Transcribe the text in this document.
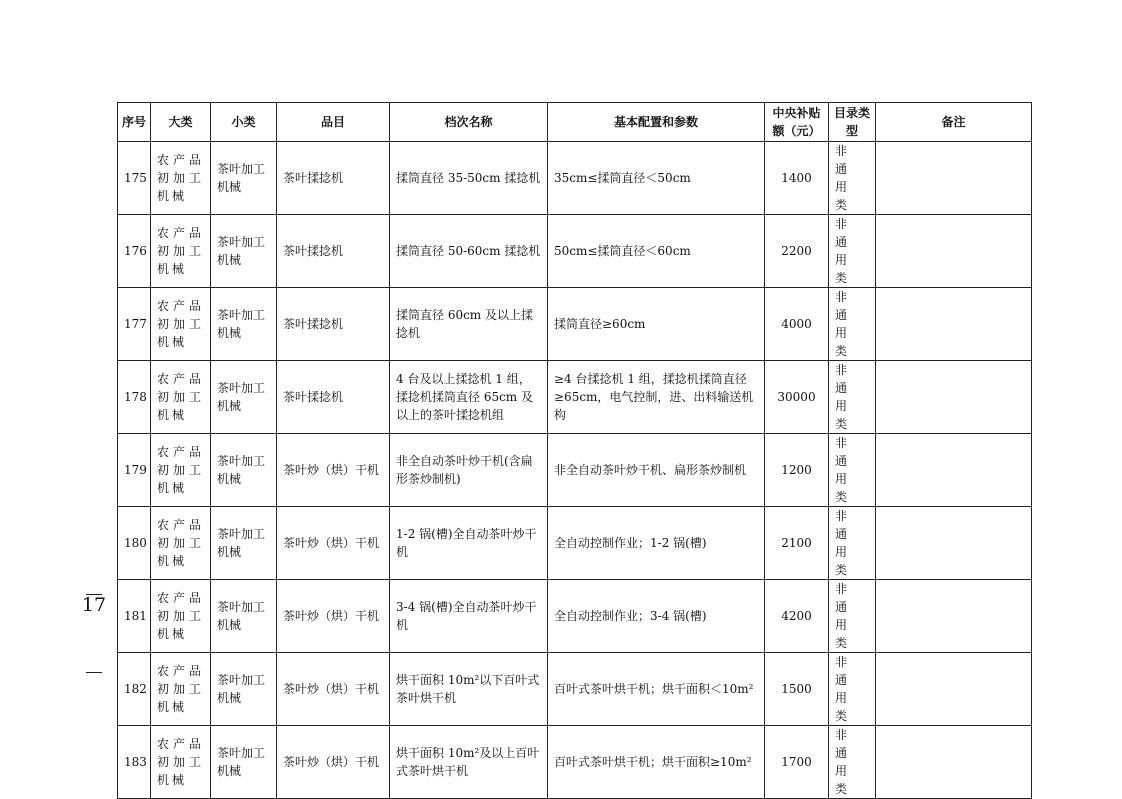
序号	大类	小类	品目	档次名称	基本配置和参数	中央补贴额（元）	目录类型	备注
175	农产品初加工机械	茶叶加工机械	茶叶揉捻机	揉筒直径 35-50cm 揉捻机	35cm≤揉筒直径＜50cm	1400	非通用类	
176	农产品初加工机械	茶叶加工机械	茶叶揉捻机	揉筒直径 50-60cm 揉捻机	50cm≤揉筒直径＜60cm	2200	非通用类	
177	农产品初加工机械	茶叶加工机械	茶叶揉捻机	揉筒直径 60cm 及以上揉捻机	揉筒直径≥60cm	4000	非通用类	
178	农产品初加工机械	茶叶加工机械	茶叶揉捻机	4 台及以上揉捻机 1 组，揉捻机揉筒直径 65cm 及以上的茶叶揉捻机组	≥4 台揉捻机 1 组，揉捻机揉筒直径≥65cm，电气控制，进、出料输送机构	30000	非通用类	
179	农产品初加工机械	茶叶加工机械	茶叶炒（烘）干机	非全自动茶叶炒干机(含扁形茶炒制机)	非全自动茶叶炒干机、扁形茶炒制机	1200	非通用类	
180	农产品初加工机械	茶叶加工机械	茶叶炒（烘）干机	1-2 锅(槽)全自动茶叶炒干机	全自动控制作业；1-2 锅(槽)	2100	非通用类	
181	农产品初加工机械	茶叶加工机械	茶叶炒（烘）干机	3-4 锅(槽)全自动茶叶炒干机	全自动控制作业；3-4 锅(槽)	4200	非通用类	
182	农产品初加工机械	茶叶加工机械	茶叶炒（烘）干机	烘干面积 10m²以下百叶式茶叶烘干机	百叶式茶叶烘干机；烘干面积＜10m²	1500	非通用类	
183	农产品初加工机械	茶叶加工机械	茶叶炒（烘）干机	烘干面积 10m²及以上百叶式茶叶烘干机	百叶式茶叶烘干机；烘干面积≥10m²	1700	非通用类	
17
